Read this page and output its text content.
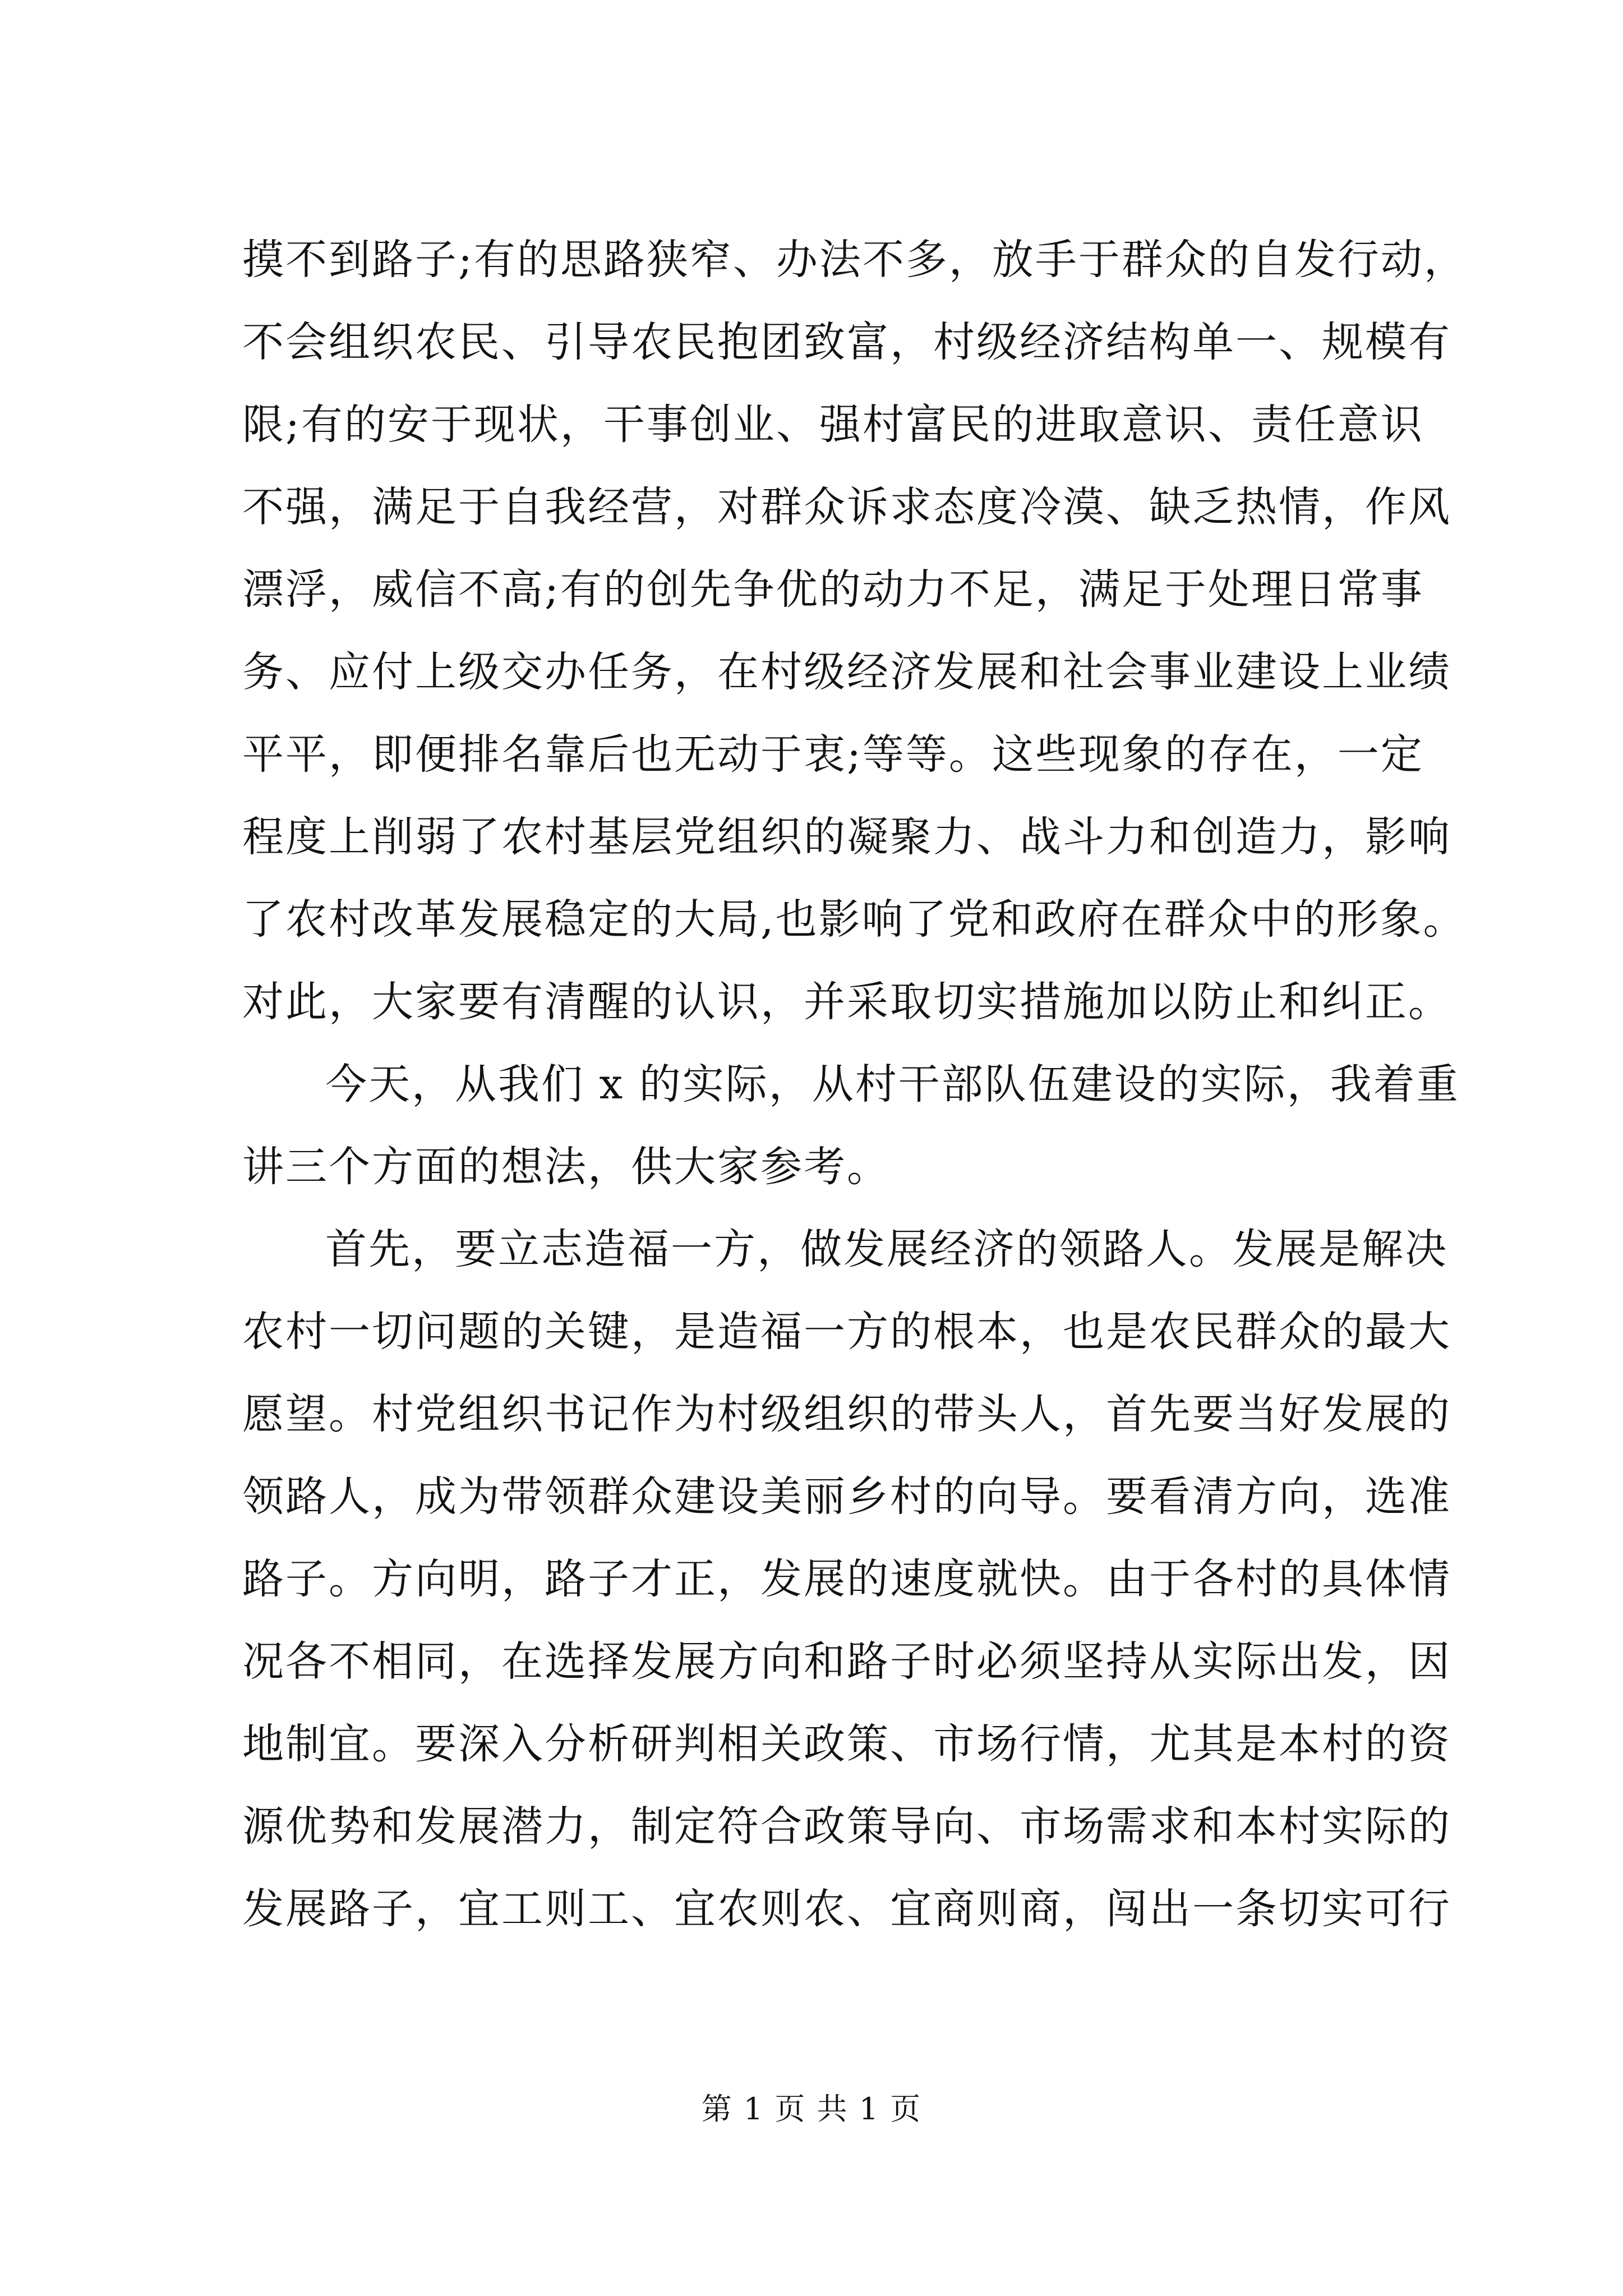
摸不到路子;有的思路狭窄、办法不多，放手于群众的自发行动，
不会组织农民、引导农民抱团致富，村级经济结构单一、规模有
限;有的安于现状，干事创业、强村富民的进取意识、责任意识
不强，满足于自我经营，对群众诉求态度冷漠、缺乏热情，作风
漂浮，威信不高;有的创先争优的动力不足，满足于处理日常事
务、应付上级交办任务，在村级经济发展和社会事业建设上业绩
平平，即便排名靠后也无动于衷;等等。这些现象的存在，一定
程度上削弱了农村基层党组织的凝聚力、战斗力和创造力，影响
了农村改革发展稳定的大局,也影响了党和政府在群众中的形象。
对此，大家要有清醒的认识，并采取切实措施加以防止和纠正。
今天，从我们 x 的实际，从村干部队伍建设的实际，我着重
讲三个方面的想法，供大家参考。
首先，要立志造福一方，做发展经济的领路人。发展是解决
农村一切问题的关键，是造福一方的根本，也是农民群众的最大
愿望。村党组织书记作为村级组织的带头人，首先要当好发展的
领路人，成为带领群众建设美丽乡村的向导。要看清方向，选准
路子。方向明，路子才正，发展的速度就快。由于各村的具体情
况各不相同，在选择发展方向和路子时必须坚持从实际出发，因
地制宜。要深入分析研判相关政策、市场行情，尤其是本村的资
源优势和发展潜力，制定符合政策导向、市场需求和本村实际的
发展路子，宜工则工、宜农则农、宜商则商，闯出一条切实可行
第 1 页 共 1 页
